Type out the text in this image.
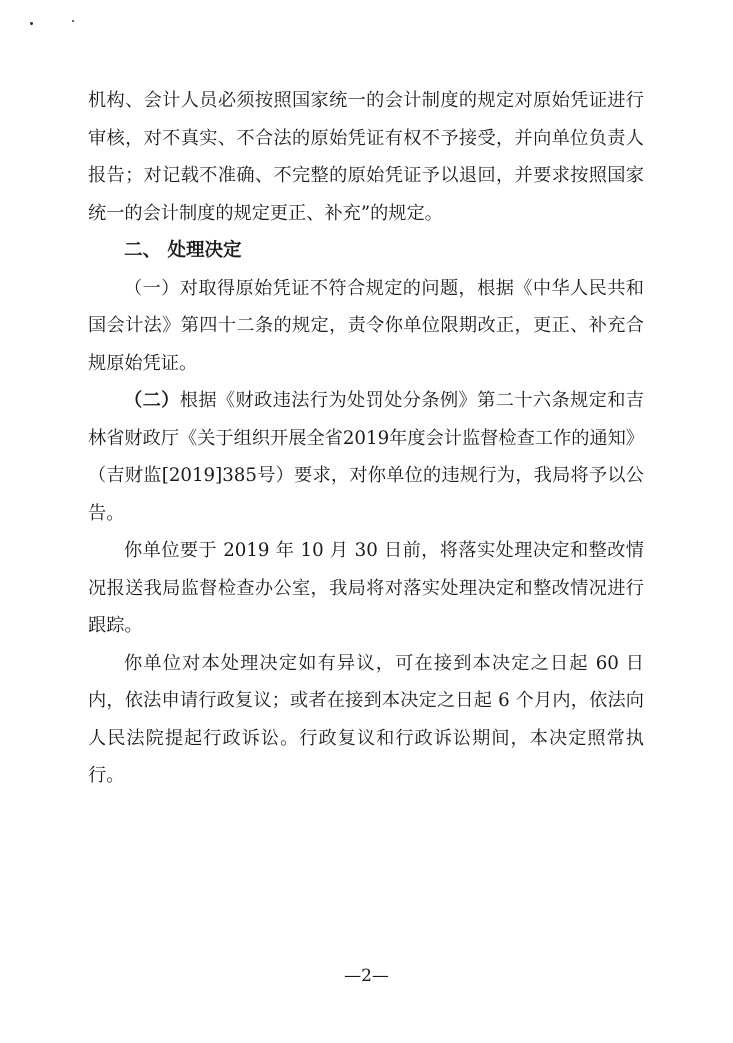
机构、会计人员必须按照国家统一的会计制度的规定对原始凭证进行审核，对不真实、不合法的原始凭证有权不予接受，并向单位负责人报告；对记载不准确、不完整的原始凭证予以退回，并要求按照国家统一的会计制度的规定更正、补充”的规定。

二、 处理决定

（一）对取得原始凭证不符合规定的问题，根据《中华人民共和国会计法》第四十二条的规定，责令你单位限期改正，更正、补充合规原始凭证。

（二）根据《财政违法行为处罚处分条例》第二十六条规定和吉林省财政厅《关于组织开展全省2019年度会计监督检查工作的通知》（吉财监[2019]385号）要求，对你单位的违规行为，我局将予以公告。

你单位要于 2019 年 10 月 30 日前，将落实处理决定和整改情况报送我局监督检查办公室，我局将对落实处理决定和整改情况进行跟踪。

你单位对本处理决定如有异议，可在接到本决定之日起 60 日内，依法申请行政复议；或者在接到本决定之日起 6 个月内，依法向人民法院提起行政诉讼。行政复议和行政诉讼期间，本决定照常执行。

—2—
